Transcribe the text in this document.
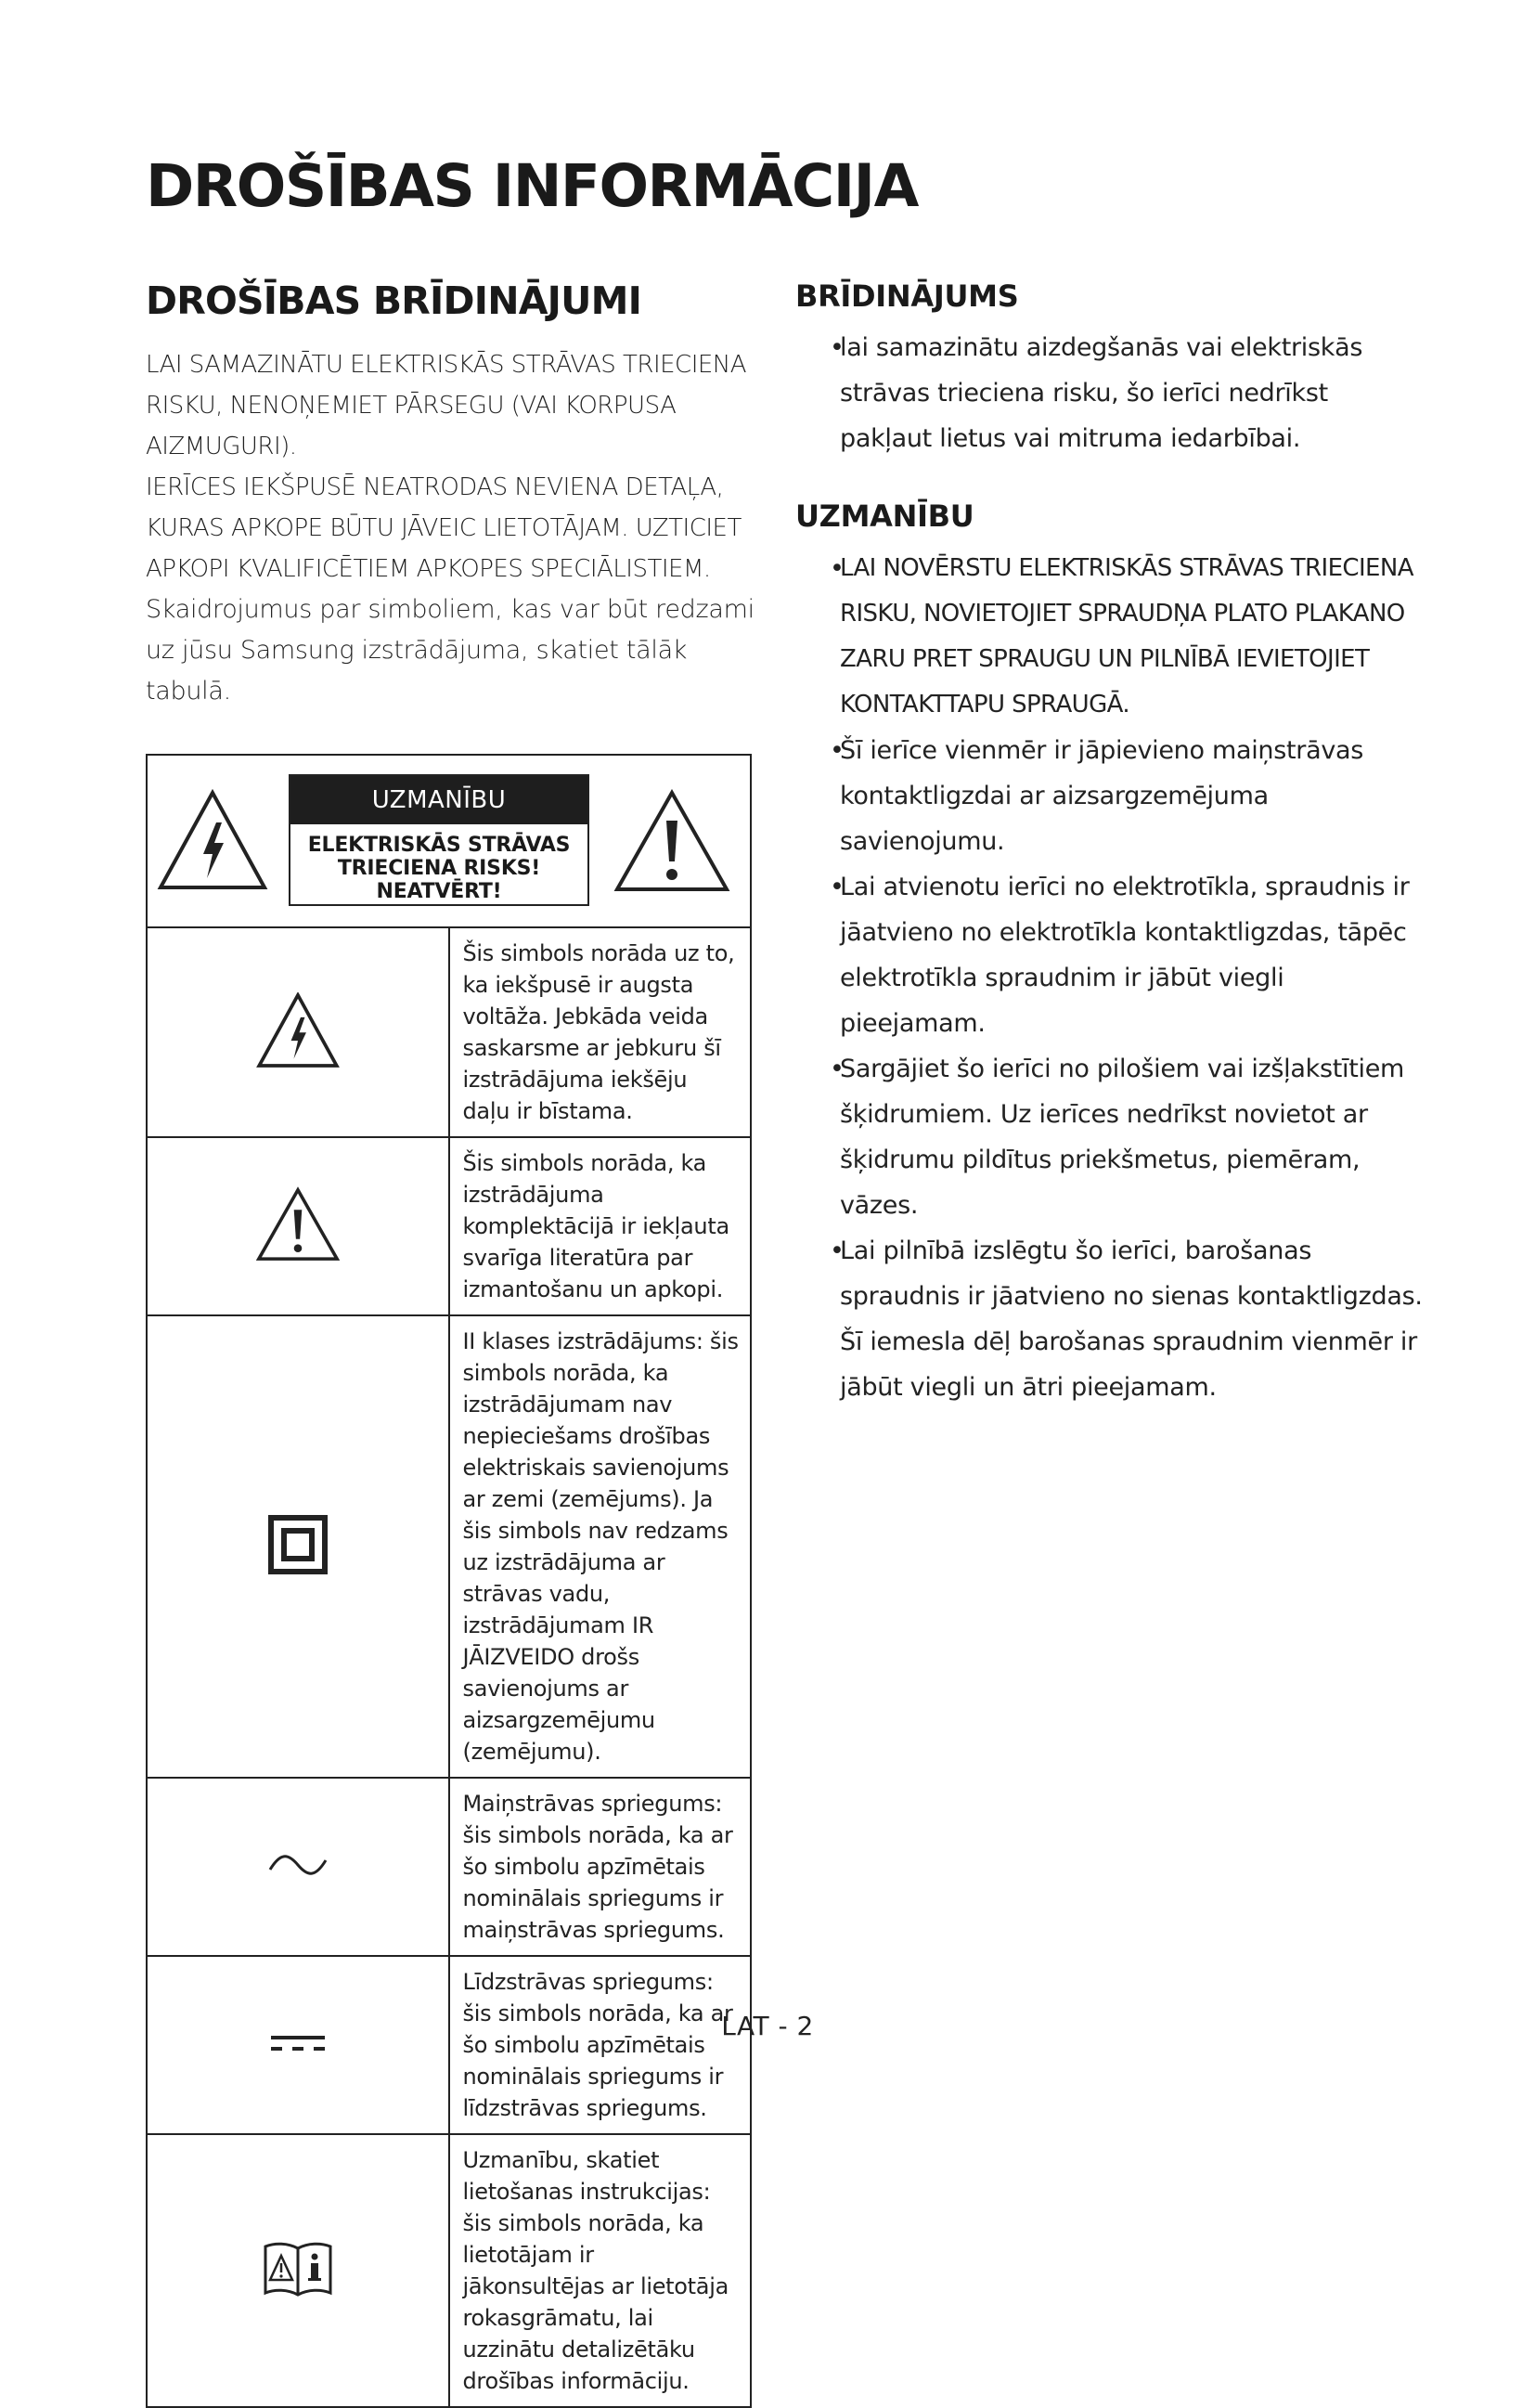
DROŠĪBAS INFORMĀCIJA
DROŠĪBAS BRĪDINĀJUMI

LAI SAMAZINĀTU ELEKTRISKĀS STRĀVAS TRIECIENA RISKU, NENOŅEMIET PĀRSEGU (VAI KORPUSA AIZMUGURI).

IERĪCES IEKŠPUSĒ NEATRODAS NEVIENA DETAĻA, KURAS APKOPE BŪTU JĀVEIC LIETOTĀJAM. UZTICIET APKOPI KVALIFICĒTIEM APKOPES SPECIĀLISTIEM.

Skaidrojumus par simboliem, kas var būt redzami uz jūsu Samsung izstrādājuma, skatiet tālāk tabulā.

UZMANĪBU
ELEKTRISKĀS STRĀVAS TRIECIENA RISKS! NEATVĒRT!	

	Šis simbols norāda uz to, ka iekšpusē ir augsta voltāža. Jebkāda veida saskarsme ar jebkuru šī izstrādājuma iekšēju daļu ir bīstama.
	Šis simbols norāda, ka izstrādājuma komplektācijā ir iekļauta svarīga literatūra par izmantošanu un apkopi.
	II klases izstrādājums: šis simbols norāda, ka izstrādājumam nav nepieciešams drošības elektriskais savienojums ar zemi (zemējums). Ja šis simbols nav redzams uz izstrādājuma ar strāvas vadu, izstrādājumam IR JĀIZVEIDO drošs savienojums ar aizsargzemējumu (zemējumu).
	Maiņstrāvas spriegums: šis simbols norāda, ka ar šo simbolu apzīmētais nominālais spriegums ir maiņstrāvas spriegums.
	Līdzstrāvas spriegums: šis simbols norāda, ka ar šo simbolu apzīmētais nominālais spriegums ir līdzstrāvas spriegums.
	Uzmanību, skatiet lietošanas instrukcijas: šis simbols norāda, ka lietotājam ir jākonsultējas ar lietotāja rokasgrāmatu, lai uzzinātu detalizētāku drošības informāciju.
BRĪDINĀJUMS
•
lai samazinātu aizdegšanās vai elektriskās strāvas trieciena risku, šo ierīci nedrīkst pakļaut lietus vai mitruma iedarbībai.
UZMANĪBU
•
LAI NOVĒRSTU ELEKTRISKĀS STRĀVAS TRIECIENA RISKU, NOVIETOJIET SPRAUDŅA PLATO PLAKANO ZARU PRET SPRAUGU UN PILNĪBĀ IEVIETOJIET KONTAKTTAPU SPRAUGĀ.
•
Šī ierīce vienmēr ir jāpievieno maiņstrāvas kontaktligzdai ar aizsargzemējuma savienojumu.
•
Lai atvienotu ierīci no elektrotīkla, spraudnis ir jāatvieno no elektrotīkla kontaktligzdas, tāpēc elektrotīkla spraudnim ir jābūt viegli pieejamam.
•
Sargājiet šo ierīci no pilošiem vai izšļakstītiem šķidrumiem. Uz ierīces nedrīkst novietot ar šķidrumu pildītus priekšmetus, piemēram, vāzes.
•
Lai pilnībā izslēgtu šo ierīci, barošanas spraudnis ir jāatvieno no sienas kontaktligzdas. Šī iemesla dēļ barošanas spraudnim vienmēr ir jābūt viegli un ātri pieejamam.
LAT - 2
